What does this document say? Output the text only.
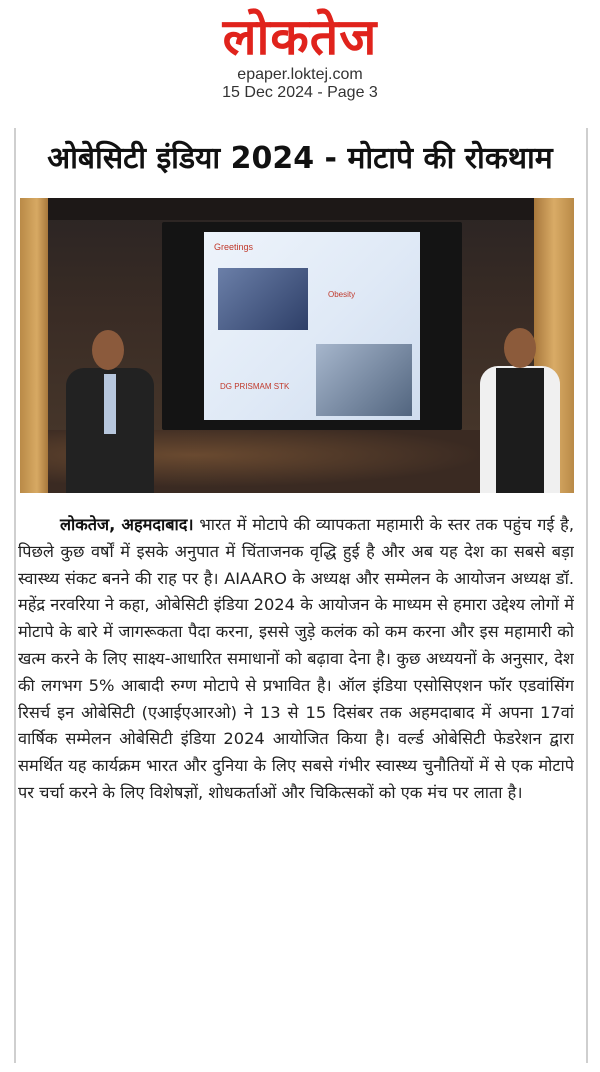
लोकतेज
epaper.loktej.com
15 Dec 2024 - Page 3
ओबेसिटी इंडिया 2024 - मोटापे की रोकथाम
Greetings
Obesity
DG PRISMAM STK
लोकतेज, अहमदाबाद। भारत में मोटापे की व्यापकता महामारी के स्तर तक पहुंच गई है, पिछले कुछ वर्षों में इसके अनुपात में चिंताजनक वृद्धि हुई है और अब यह देश का सबसे बड़ा स्वास्थ्य संकट बनने की राह पर है। AIAARO के अध्यक्ष और सम्मेलन के आयोजन अध्यक्ष डॉ. महेंद्र नरवरिया ने कहा, ओबेसिटी इंडिया 2024 के आयोजन के माध्यम से हमारा उद्देश्य लोगों में मोटापे के बारे में जागरूकता पैदा करना, इससे जुड़े कलंक को कम करना और इस महामारी को खत्म करने के लिए साक्ष्य-आधारित समाधानों को बढ़ावा देना है। कुछ अध्ययनों के अनुसार, देश की लगभग 5% आबादी रुग्ण मोटापे से प्रभावित है। ऑल इंडिया एसोसिएशन फॉर एडवांसिंग रिसर्च इन ओबेसिटी (एआईएआरओ) ने 13 से 15 दिसंबर तक अहमदाबाद में अपना 17वां वार्षिक सम्मेलन ओबेसिटी इंडिया 2024 आयोजित किया है। वर्ल्ड ओबेसिटी फेडरेशन द्वारा समर्थित यह कार्यक्रम भारत और दुनिया के लिए सबसे गंभीर स्वास्थ्य चुनौतियों में से एक मोटापे पर चर्चा करने के लिए विशेषज्ञों, शोधकर्ताओं और चिकित्सकों को एक मंच पर लाता है।
